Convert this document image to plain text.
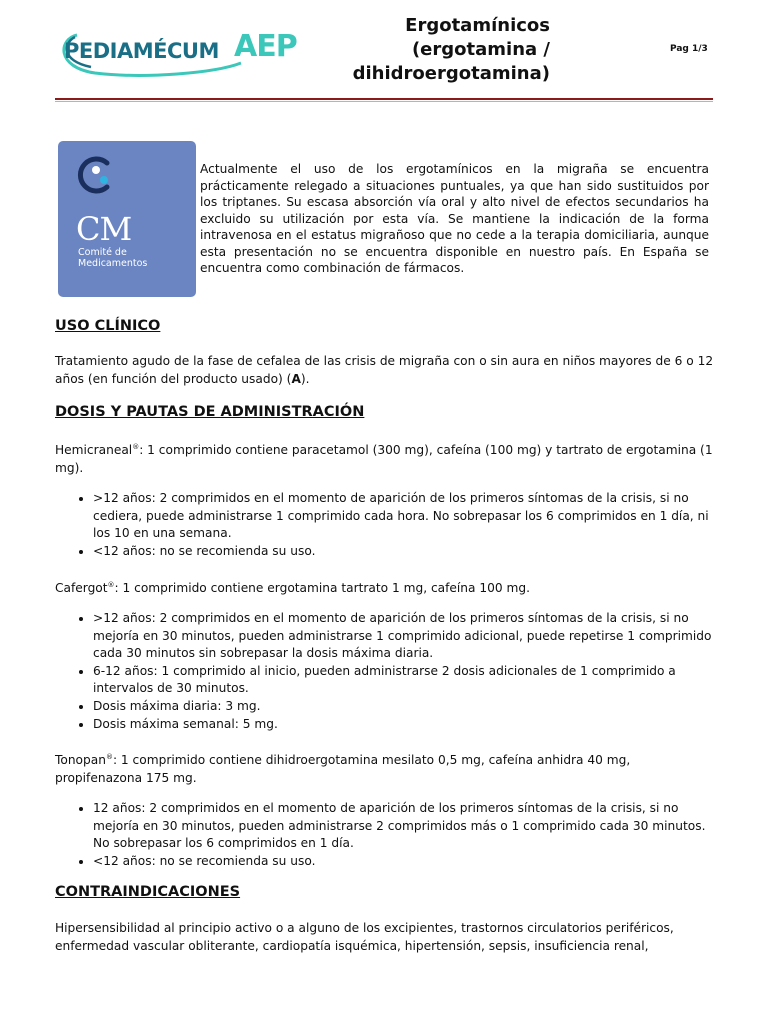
PEDIAMÉCUM AEP
Ergotamínicos
(ergotamina /
dihidroergotamina)
Pag 1/3
CM
Comité de
Medicamentos

Actualmente el uso de los ergotamínicos en la migraña se encuentra prácticamente relegado a situaciones puntuales, ya que han sido sustituidos por los triptanes. Su escasa absorción vía oral y alto nivel de efectos secundarios ha excluido su utilización por esta vía. Se mantiene la indicación de la forma intravenosa en el estatus migrañoso que no cede a la terapia domiciliaria, aunque esta presentación no se encuentra disponible en nuestro país. En España se encuentra como combinación de fármacos.

USO CLÍNICO

Tratamiento agudo de la fase de cefalea de las crisis de migraña con o sin aura en niños mayores de 6 o 12 años (en función del producto usado) (A).

DOSIS Y PAUTAS DE ADMINISTRACIÓN

Hemicraneal®: 1 comprimido contiene paracetamol (300 mg), cafeína (100 mg) y tartrato de ergotamina (1 mg).

• >12 años: 2 comprimidos en el momento de aparición de los primeros síntomas de la crisis, si no cediera, puede administrarse 1 comprimido cada hora. No sobrepasar los 6 comprimidos en 1 día, ni los 10 en una semana.
• <12 años: no se recomienda su uso.

Cafergot®: 1 comprimido contiene ergotamina tartrato 1 mg, cafeína 100 mg.

• >12 años: 2 comprimidos en el momento de aparición de los primeros síntomas de la crisis, si no mejoría en 30 minutos, pueden administrarse 1 comprimido adicional, puede repetirse 1 comprimido cada 30 minutos sin sobrepasar la dosis máxima diaria.
• 6-12 años: 1 comprimido al inicio, pueden administrarse 2 dosis adicionales de 1 comprimido a intervalos de 30 minutos.
• Dosis máxima diaria: 3 mg.
• Dosis máxima semanal: 5 mg.

Tonopan®: 1 comprimido contiene dihidroergotamina mesilato 0,5 mg, cafeína anhidra 40 mg, propifenazona 175 mg.

• 12 años: 2 comprimidos en el momento de aparición de los primeros síntomas de la crisis, si no mejoría en 30 minutos, pueden administrarse 2 comprimidos más o 1 comprimido cada 30 minutos. No sobrepasar los 6 comprimidos en 1 día.
• <12 años: no se recomienda su uso.
CONTRAINDICACIONES

Hipersensibilidad al principio activo o a alguno de los excipientes, trastornos circulatorios periféricos, enfermedad vascular obliterante, cardiopatía isquémica, hipertensión, sepsis, insuficiencia renal,
